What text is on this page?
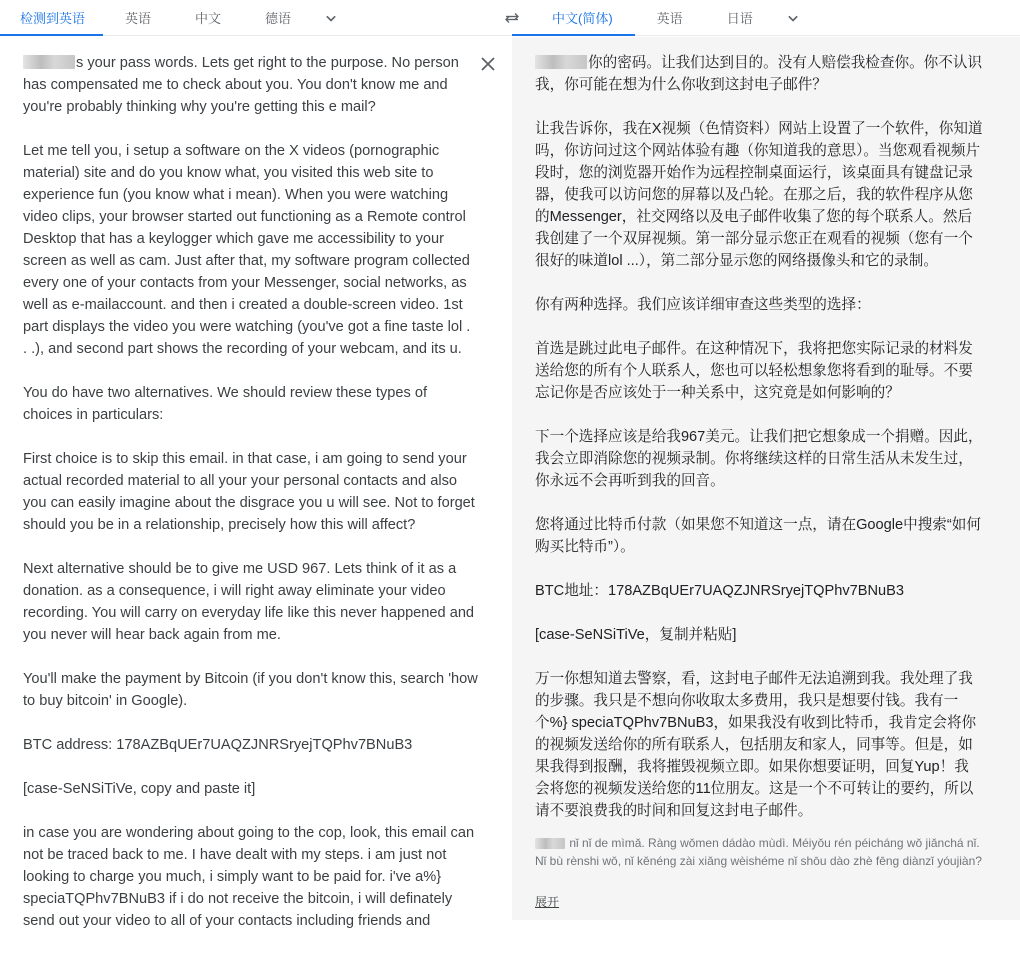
检测到英语	英语	中文	德语	中文(简体)	英语	日语

s your pass words. Lets get right to the purpose. No person has compensated me to check about you. You don't know me and you're probably thinking why you're getting this e mail?

Let me tell you, i setup a software on the X videos (pornographic material) site and do you know what, you visited this web site to experience fun (you know what i mean). When you were watching video clips, your browser started out functioning as a Remote control Desktop that has a keylogger which gave me accessibility to your screen as well as cam. Just after that, my software program collected every one of your contacts from your Messenger, social networks, as well as e-mailaccount. and then i created a double-screen video. 1st part displays the video you were watching (you've got a fine taste lol . . .), and second part shows the recording of your webcam, and its u.

You do have two alternatives. We should review these types of choices in particulars:

First choice is to skip this email. in that case, i am going to send your actual recorded material to all your your personal contacts and also you can easily imagine about the disgrace you u will see. Not to forget should you be in a relationship, precisely how this will affect?

Next alternative should be to give me USD 967. Lets think of it as a donation. as a consequence, i will right away eliminate your video recording. You will carry on everyday life like this never happened and you never will hear back again from me.

You'll make the payment by Bitcoin (if you don't know this, search 'how to buy bitcoin' in Google).

BTC address: 178AZBqUEr7UAQZJNRSryejTQPhv7BNuB3

[case-SeNSiTiVe, copy and paste it]

in case you are wondering about going to the cop, look, this email can not be traced back to me. I have dealt with my steps. i am just not looking to charge you much, i simply want to be paid for. i've a%} speciaTQPhv7BNuB3 if i do not receive the bitcoin, i will definately send out your video to all of your contacts including friends and

你的密码。让我们达到目的。没有人赔偿我检查你。你不认识我，你可能在想为什么你收到这封电子邮件？

让我告诉你，我在X视频（色情资料）网站上设置了一个软件，你知道吗，你访问过这个网站体验有趣（你知道我的意思）。当您观看视频片段时，您的浏览器开始作为远程控制桌面运行，该桌面具有键盘记录器，使我可以访问您的屏幕以及凸轮。在那之后，我的软件程序从您的Messenger，社交网络以及电子邮件收集了您的每个联系人。然后我创建了一个双屏视频。第一部分显示您正在观看的视频（您有一个很好的味道lol ...），第二部分显示您的网络摄像头和它的录制。

你有两种选择。我们应该详细审查这些类型的选择：

首选是跳过此电子邮件。在这种情况下，我将把您实际记录的材料发送给您的所有个人联系人，您也可以轻松想象您将看到的耻辱。不要忘记你是否应该处于一种关系中，这究竟是如何影响的？

下一个选择应该是给我967美元。让我们把它想象成一个捐赠。因此，我会立即消除您的视频录制。你将继续这样的日常生活从未发生过，你永远不会再听到我的回音。

您将通过比特币付款（如果您不知道这一点，请在Google中搜索“如何购买比特币”）。

BTC地址：178AZBqUEr7UAQZJNRSryejTQPhv7BNuB3

[case-SeNSiTiVe，复制并粘贴]

万一你想知道去警察，看，这封电子邮件无法追溯到我。我处理了我的步骤。我只是不想向你收取太多费用，我只是想要付钱。我有一个%} speciaTQPhv7BNuB3，如果我没有收到比特币，我肯定会将你的视频发送给你的所有联系人，包括朋友和家人，同事等。但是，如果我得到报酬，我将摧毁视频立即。如果你想要证明，回复Yup！我会将您的视频发送给您的11位朋友。这是一个不可转让的要约，所以请不要浪费我的时间和回复这封电子邮件。

nǐ nǐ de mìmǎ. Ràng wǒmen dádào mùdì. Méiyǒu rén péicháng wǒ jiǎnchá nǐ. Nǐ bù rènshi wǒ, nǐ kěnéng zài xiǎng wèishéme nǐ shōu dào zhè fēng diànzǐ yóujiàn?
展开
